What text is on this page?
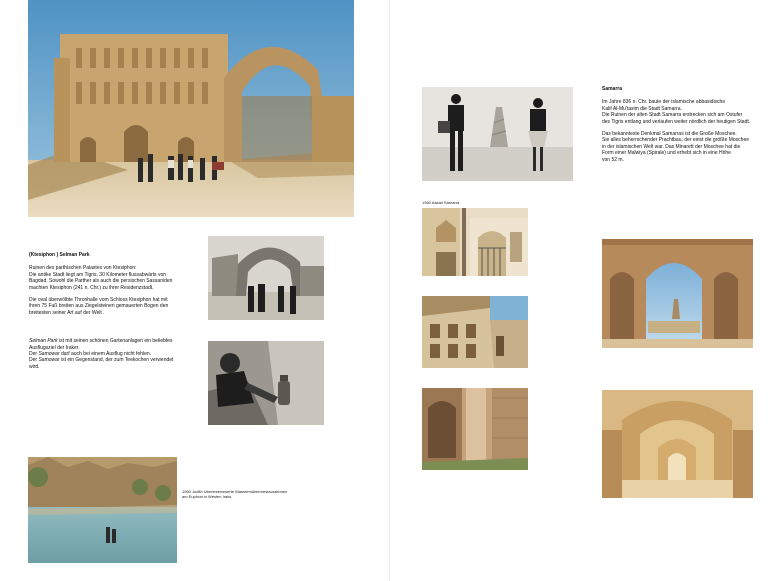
(Ktesiphon ) Selman Park

Ruinen des parthischen Palastes von Ktesiphon:
Die antike Stadt liegt am Tigris, 30 Kilometer flussabwärts von
Bagdad. Sowohl die Parther als auch die persischen Sassaniden
machten Ktesiphon (241 n. Chr.) zu ihrer Residenzstadt.

Die oval überwölbte Thronhalle vom Schloss Ktesiphon hat mit
ihren 75 Fuß breiten aus Ziegelsteinen gemauerten Bogen den
breitesten seiner Art auf der Welt .

Selman Park ist mit seinen schönen Gartenanlagen ein beliebtes
Ausflugsziel der Iraker.
Der Samowar darf auch bei einem Ausflug nicht fehlen.
Der Samowar ist ein Gegenstand, der zum Teekochen verwendet
wird.

1960 Judith Uberlebenswerte Wassermühlenrestaurationen
am Euphrat in Westen Iraks
Samarra

Im Jahre 836 n. Chr. baute der islamische abbasidische
Kalif Al-Mu'tasim die Stadt Samarra.
Die Ruinen der alten Stadt Samarra erstrecken sich am Ostufer
des Tigris entlang und verlaufen weiter nördlich der heutigen Stadt.

Das bekannteste Denkmal Samarras ist die Große Moschee.
Sie alles beherrschender Prachtbau, der einst die größte Moschee
in der islamischen Welt war. Das Minarett der Moschee hat die
Form einer Malwiya (Spirale) und erhebt sich in eine Höhe
von 52 m.

1960 Askari Samarra
